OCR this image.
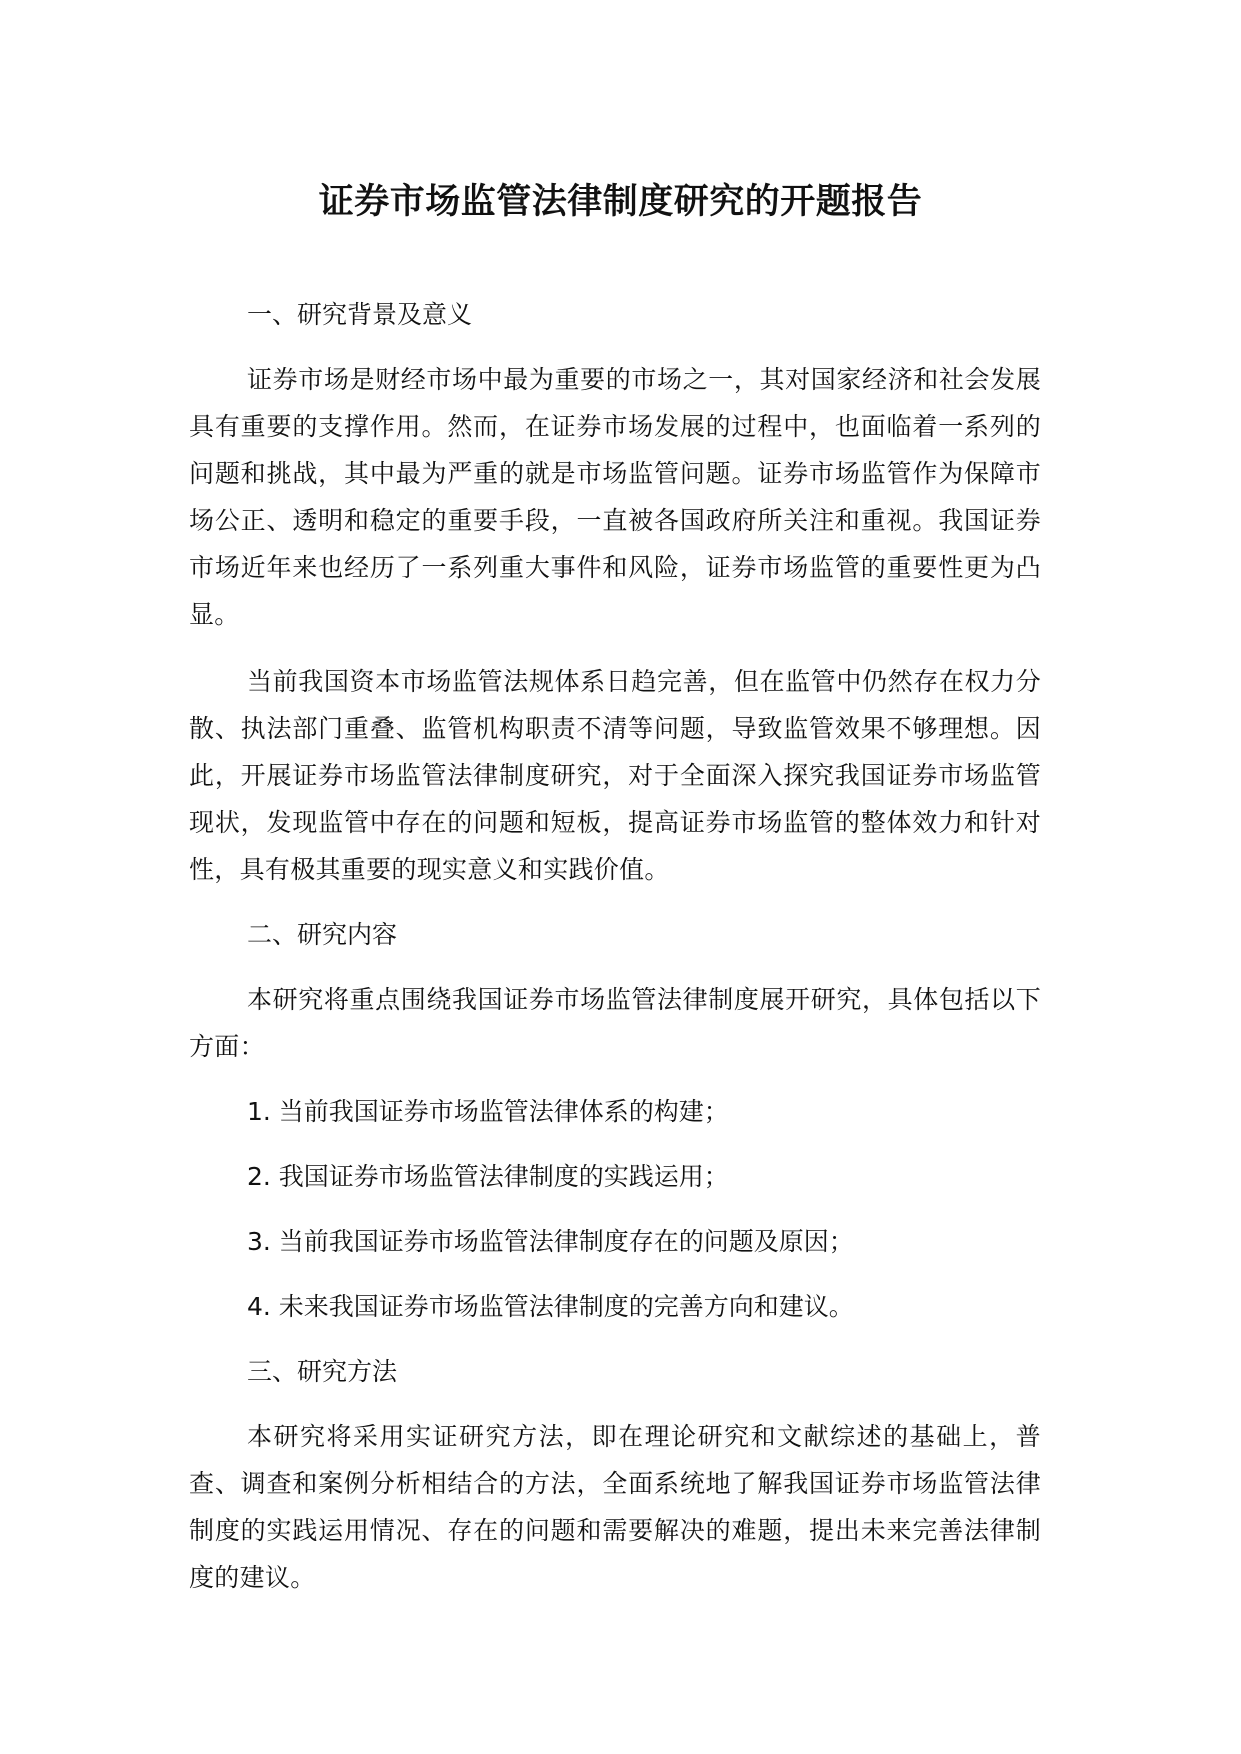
证券市场监管法律制度研究的开题报告

一、研究背景及意义

证券市场是财经市场中最为重要的市场之一，其对国家经济和社会发展具有重要的支撑作用。然而，在证券市场发展的过程中，也面临着一系列的问题和挑战，其中最为严重的就是市场监管问题。证券市场监管作为保障市场公正、透明和稳定的重要手段，一直被各国政府所关注和重视。我国证券市场近年来也经历了一系列重大事件和风险，证券市场监管的重要性更为凸显。

当前我国资本市场监管法规体系日趋完善，但在监管中仍然存在权力分散、执法部门重叠、监管机构职责不清等问题，导致监管效果不够理想。因此，开展证券市场监管法律制度研究，对于全面深入探究我国证券市场监管现状，发现监管中存在的问题和短板，提高证券市场监管的整体效力和针对性，具有极其重要的现实意义和实践价值。

二、研究内容

本研究将重点围绕我国证券市场监管法律制度展开研究，具体包括以下方面：

1. 当前我国证券市场监管法律体系的构建；

2. 我国证券市场监管法律制度的实践运用；

3. 当前我国证券市场监管法律制度存在的问题及原因；

4. 未来我国证券市场监管法律制度的完善方向和建议。

三、研究方法

本研究将采用实证研究方法，即在理论研究和文献综述的基础上，普查、调查和案例分析相结合的方法，全面系统地了解我国证券市场监管法律制度的实践运用情况、存在的问题和需要解决的难题，提出未来完善法律制度的建议。
